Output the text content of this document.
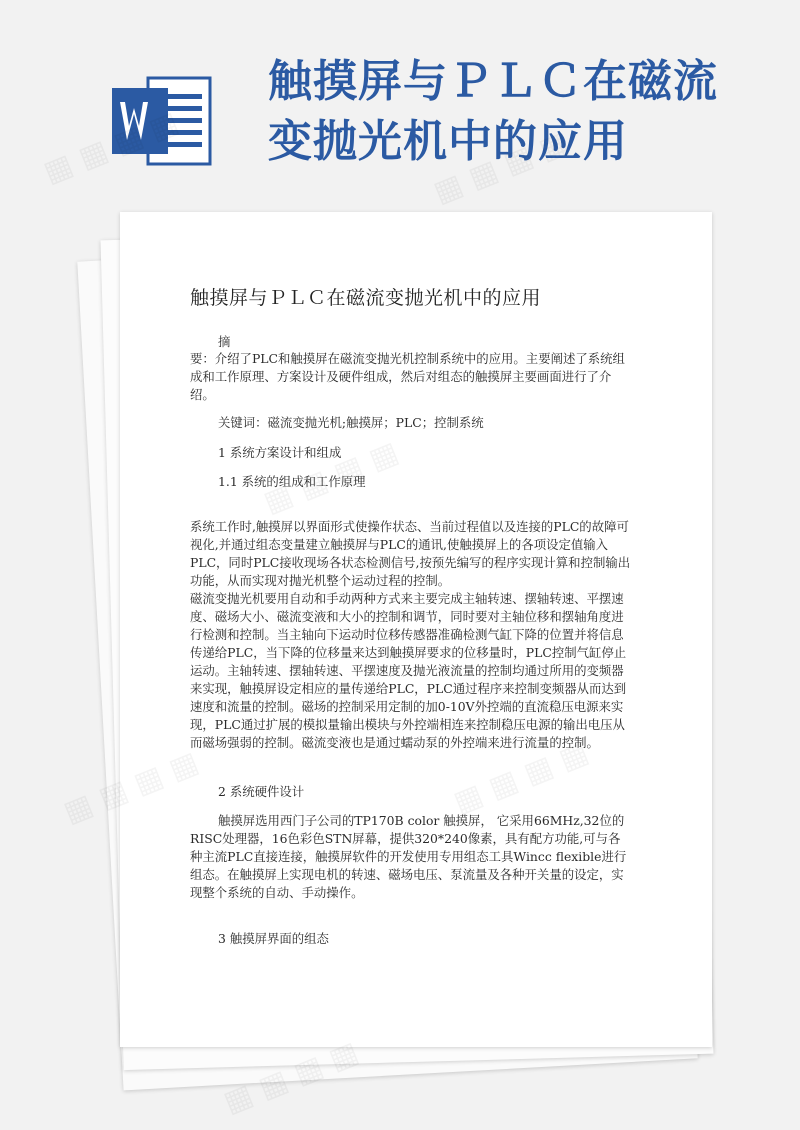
触摸屏与ＰＬＣ在磁流变抛光机中的应用
触摸屏与ＰＬＣ在磁流变抛光机中的应用
摘
要：介绍了PLC和触摸屏在磁流变抛光机控制系统中的应用。主要阐述了系统组成和工作原理、方案设计及硬件组成，然后对组态的触摸屏主要画面进行了介绍。
关键词：磁流变抛光机;触摸屏；PLC；控制系统
1 系统方案设计和组成
1.1 系统的组成和工作原理
系统工作时,触摸屏以界面形式使操作状态、当前过程值以及连接的PLC的故障可视化,并通过组态变量建立触摸屏与PLC的通讯,使触摸屏上的各项设定值输入PLC，同时PLC接收现场各状态检测信号,按预先编写的程序实现计算和控制输出功能，从而实现对抛光机整个运动过程的控制。
磁流变抛光机要用自动和手动两种方式来主要完成主轴转速、摆轴转速、平摆速度、磁场大小、磁流变液和大小的控制和调节，同时要对主轴位移和摆轴角度进行检测和控制。当主轴向下运动时位移传感器准确检测气缸下降的位置并将信息传递给PLC，当下降的位移量来达到触摸屏要求的位移量时，PLC控制气缸停止运动。主轴转速、摆轴转速、平摆速度及抛光液流量的控制均通过所用的变频器来实现，触摸屏设定相应的量传递给PLC，PLC通过程序来控制变频器从而达到速度和流量的控制。磁场的控制采用定制的加0-10V外控端的直流稳压电源来实现，PLC通过扩展的模拟量输出模块与外控端相连来控制稳压电源的输出电压从而磁场强弱的控制。磁流变液也是通过蠕动泵的外控端来进行流量的控制。
2 系统硬件设计
触摸屏选用西门子公司的TP170B color 触摸屏， 它采用66MHz,32位的RISC处理器，16色彩色STN屏幕，提供320*240像素，具有配方功能,可与各种主流PLC直接连接，触摸屏软件的开发使用专用组态工具Wincc flexible进行组态。在触摸屏上实现电机的转速、磁场电压、泵流量及各种开关量的设定，实现整个系统的自动、手动操作。
3 触摸屏界面的组态
